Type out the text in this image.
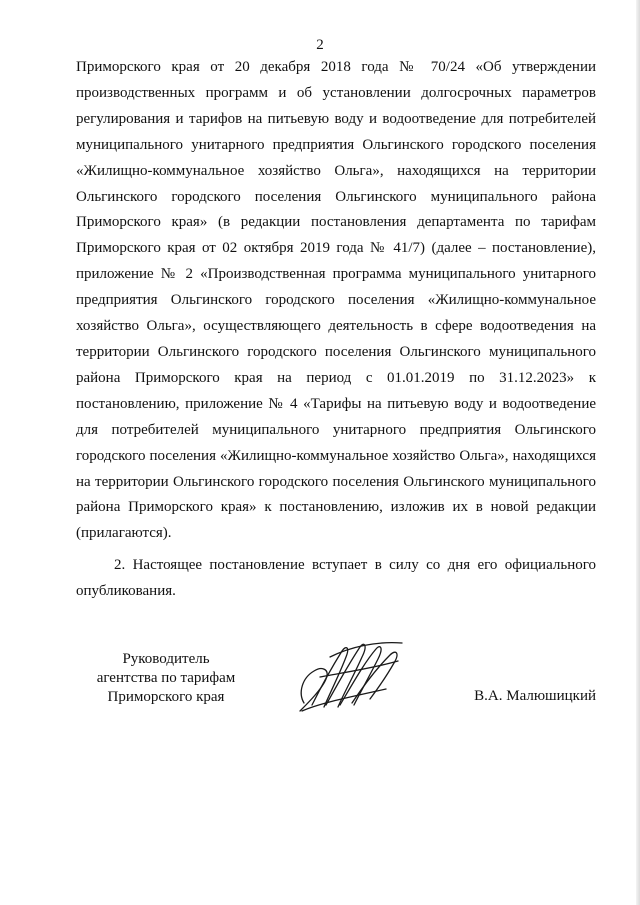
2

Приморского края от 20 декабря 2018 года № 70/24 «Об утверждении производственных программ и об установлении долгосрочных параметров регулирования и тарифов на питьевую воду и водоотведение для потребителей муниципального унитарного предприятия Ольгинского городского поселения «Жилищно-коммунальное хозяйство Ольга», находящихся на территории Ольгинского городского поселения Ольгинского муниципального района Приморского края» (в редакции постановления департамента по тарифам Приморского края от 02 октября 2019 года № 41/7) (далее – постановление), приложение № 2 «Производственная программа муниципального унитарного предприятия Ольгинского городского поселения «Жилищно-коммунальное хозяйство Ольга», осуществляющего деятельность в сфере водоотведения на территории Ольгинского городского поселения Ольгинского муниципального района Приморского края на период с 01.01.2019 по 31.12.2023» к постановлению, приложение № 4 «Тарифы на питьевую воду и водоотведение для потребителей муниципального унитарного предприятия Ольгинского городского поселения «Жилищно-коммунальное хозяйство Ольга», находящихся на территории Ольгинского городского поселения Ольгинского муниципального района Приморского края» к постановлению, изложив их в новой редакции (прилагаются).

2. Настоящее постановление вступает в силу со дня его официального опубликования.

Руководитель
агентства по тарифам
Приморского края	В.А. Малюшицкий
